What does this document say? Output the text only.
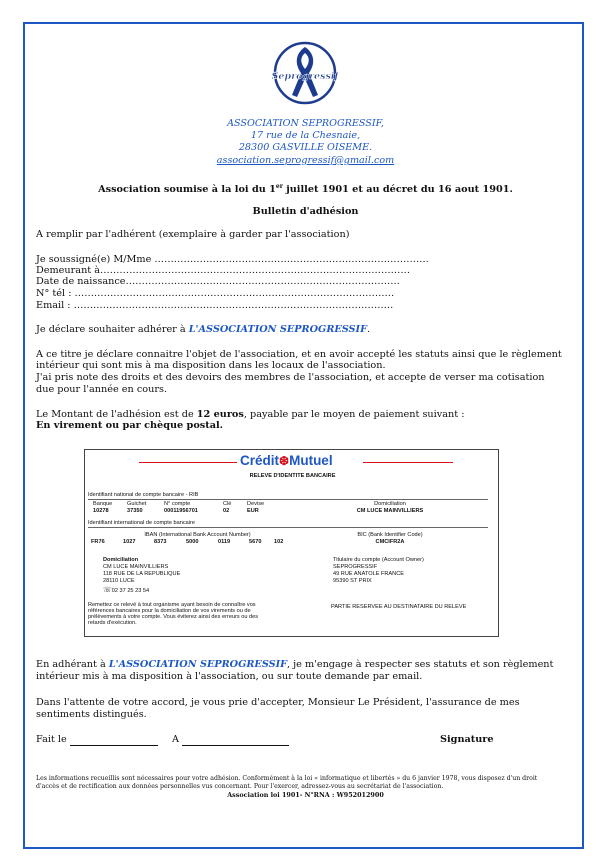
Seprogressif
ASSOCIATION SEPROGRESSIF,
17 rue de la Chesnaie,
28300 GASVILLE OISEME.
association.seprogressif@gmail.com
Association soumise à la loi du 1er juillet 1901 et au décret du 16 aout 1901.
Bulletin d'adhésion
A remplir par l'adhérent (exemplaire à garder par l'association)
Je soussigné(e) M/Mme ………………………………………………………………………….
Demeurant à……………………………………………………………………………………
Date de naissance………………………………………………………………………….
N° tél : ………………………………………………………………………………………
Email : ………………………………………………………………………………………
Je déclare souhaiter adhérer à L'ASSOCIATION SEPROGRESSIF.
A ce titre je déclare connaitre l'objet de l'association, et en avoir accepté les statuts ainsi que le règlement
intérieur qui sont mis à ma disposition dans les locaux de l'association.
J'ai pris note des droits et des devoirs des membres de l'association, et accepte de verser ma cotisation
due pour l'année en cours.
Le Montant de l'adhésion est de 12 euros, payable par le moyen de paiement suivant :
En virement ou par chèque postal.
Crédit❆Mutuel
RELEVE D'IDENTITE BANCAIRE
Identifiant national de compte bancaire - RIB
Banque	Guichet	N° compte	Clé	Devise
10278	37350	00011956701	02	EUR
Domiciliation
CM LUCE MAINVILLIERS
Identifiant international de compte bancaire
IBAN (International Bank Account Number)
FR76	1027	8373	5000	0119	5670 102
BIC (Bank Identifier Code)
CMCIFR2A
Domiciliation
CM LUCE MAINVILLIERS
118 RUE DE LA REPUBLIQUE
28110 LUCE
☏02 37 25 23 54
Titulaire du compte (Account Owner)
SEPROGRESSIF
49 RUE ANATOLE FRANCE
95390 ST PRIX
Remettez ce relevé à tout organisme ayant besoin de connaître vos
références bancaires pour la domiciliation de vos virements ou de
prélèvements à votre compte. Vous éviterez ainsi des erreurs ou des
retards d'exécution.
PARTIE RESERVEE AU DESTINATAIRE DU RELEVE
En adhérant à L'ASSOCIATION SEPROGRESSIF, je m'engage à respecter ses statuts et son règlement
intérieur mis à ma disposition à l'association, ou sur toute demande par email.
Dans l'attente de votre accord, je vous prie d'accepter, Monsieur Le Président, l'assurance de mes
sentiments distingués.
Fait le	A	Signature
Les informations recueillis sont nécessaires pour votre adhésion. Conformément à la loi « informatique et libertés » du 6 janvier 1978, vous disposez d'un droit
d'accès et de rectification aux données personnelles vus concernant. Pour l'exercer, adressez-vous au secrétariat de l'association.
Association loi 1901- N°RNA : W952012900
